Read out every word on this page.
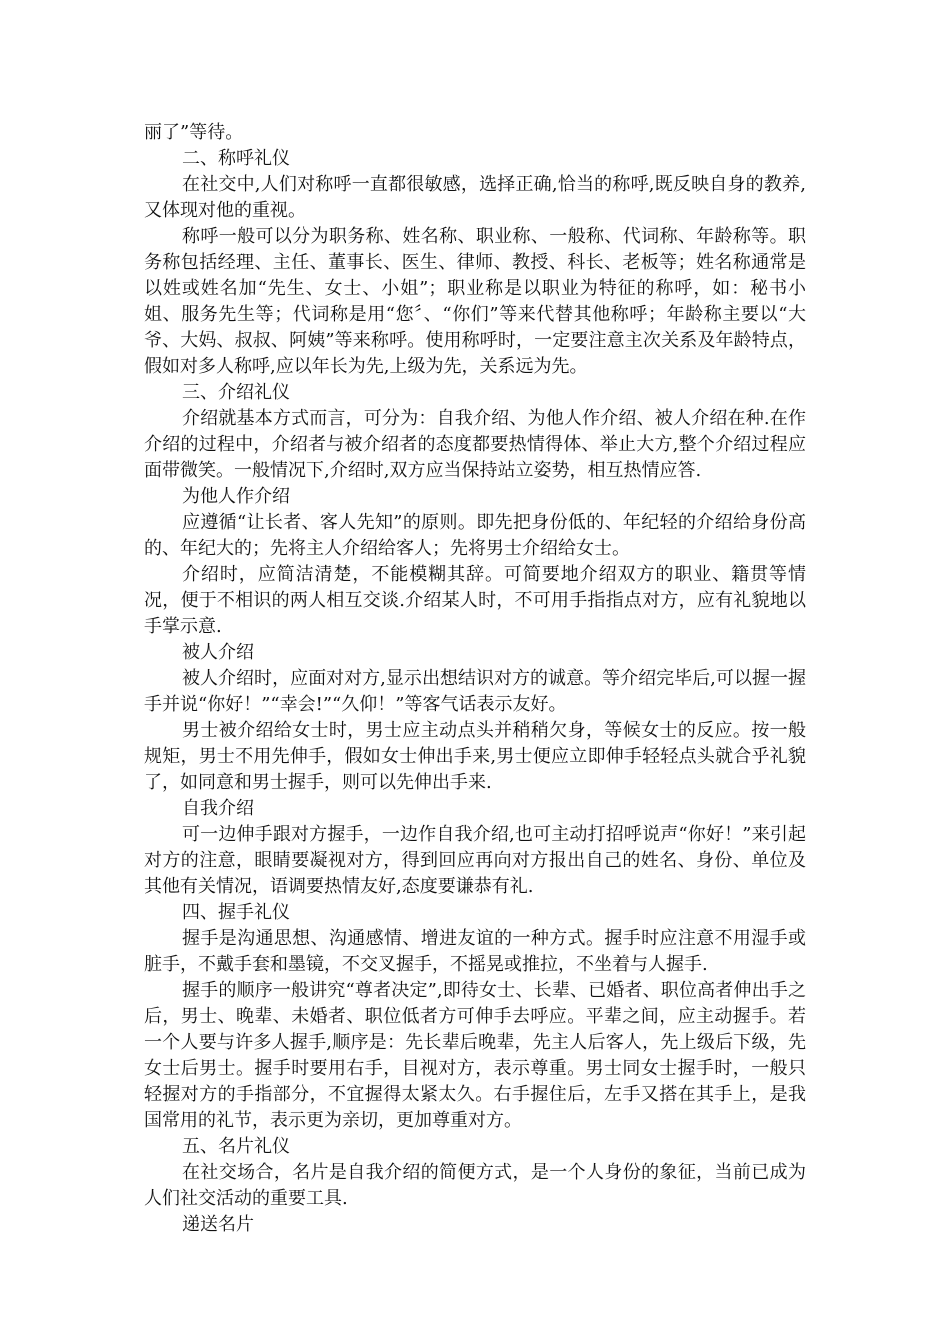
丽了”等待。

二、称呼礼仪

在社交中,人们对称呼一直都很敏感，选择正确,恰当的称呼,既反映自身的教养,又体现对他的重视。

称呼一般可以分为职务称、姓名称、职业称、一般称、代词称、年龄称等。职务称包括经理、主任、董事长、医生、律师、教授、科长、老板等；姓名称通常是以姓或姓名加“先生、女士、小姐”；职业称是以职业为特征的称呼，如：秘书小姐、服务先生等；代词称是用“您〞、“你们”等来代替其他称呼；年龄称主要以“大爷、大妈、叔叔、阿姨”等来称呼。使用称呼时，一定要注意主次关系及年龄特点，假如对多人称呼,应以年长为先,上级为先，关系远为先。

三、介绍礼仪

介绍就基本方式而言，可分为：自我介绍、为他人作介绍、被人介绍在种.在作介绍的过程中，介绍者与被介绍者的态度都要热情得体、举止大方,整个介绍过程应面带微笑。一般情况下,介绍时,双方应当保持站立姿势，相互热情应答.

为他人作介绍

应遵循“让长者、客人先知”的原则。即先把身份低的、年纪轻的介绍给身份高的、年纪大的；先将主人介绍给客人；先将男士介绍给女士。

介绍时，应简洁清楚，不能模糊其辞。可简要地介绍双方的职业、籍贯等情况，便于不相识的两人相互交谈.介绍某人时，不可用手指指点对方，应有礼貌地以手掌示意.

被人介绍

被人介绍时，应面对对方,显示出想结识对方的诚意。等介绍完毕后,可以握一握手并说“你好！”“幸会!”“久仰！”等客气话表示友好。

男士被介绍给女士时，男士应主动点头并稍稍欠身，等候女士的反应。按一般规矩，男士不用先伸手，假如女士伸出手来,男士便应立即伸手轻轻点头就合乎礼貌了，如同意和男士握手，则可以先伸出手来.

自我介绍

可一边伸手跟对方握手，一边作自我介绍,也可主动打招呼说声“你好！”来引起对方的注意，眼睛要凝视对方，得到回应再向对方报出自己的姓名、身份、单位及其他有关情况，语调要热情友好,态度要谦恭有礼.

四、握手礼仪

握手是沟通思想、沟通感情、增进友谊的一种方式。握手时应注意不用湿手或脏手，不戴手套和墨镜，不交叉握手，不摇晃或推拉，不坐着与人握手.

握手的顺序一般讲究“尊者决定”,即待女士、长辈、已婚者、职位高者伸出手之后，男士、晚辈、未婚者、职位低者方可伸手去呼应。平辈之间，应主动握手。若一个人要与许多人握手,顺序是：先长辈后晚辈，先主人后客人，先上级后下级，先女士后男士。握手时要用右手，目视对方，表示尊重。男士同女士握手时，一般只轻握对方的手指部分，不宜握得太紧太久。右手握住后，左手又搭在其手上，是我国常用的礼节，表示更为亲切，更加尊重对方。

五、名片礼仪

在社交场合，名片是自我介绍的简便方式，是一个人身份的象征，当前已成为人们社交活动的重要工具.

递送名片
